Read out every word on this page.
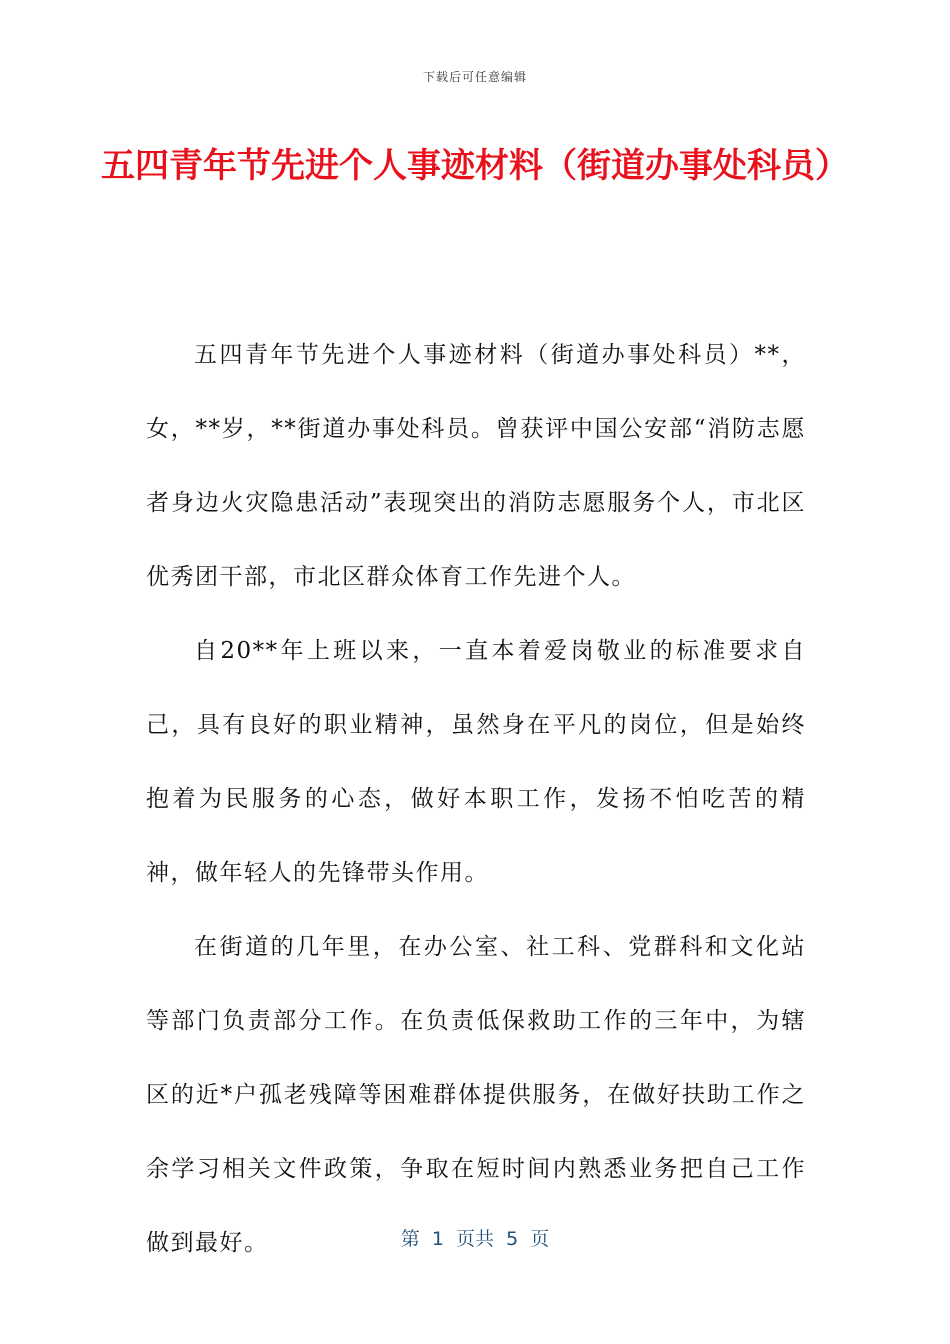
下载后可任意编辑
五四青年节先进个人事迹材料（街道办事处科员）

五四青年节先进个人事迹材料（街道办事处科员）**，女，**岁，**街道办事处科员。曾获评中国公安部“消防志愿者身边火灾隐患活动”表现突出的消防志愿服务个人，市北区优秀团干部，市北区群众体育工作先进个人。

自20**年上班以来，一直本着爱岗敬业的标准要求自己，具有良好的职业精神，虽然身在平凡的岗位，但是始终抱着为民服务的心态，做好本职工作，发扬不怕吃苦的精神，做年轻人的先锋带头作用。

在街道的几年里，在办公室、社工科、党群科和文化站等部门负责部分工作。在负责低保救助工作的三年中，为辖区的近*户孤老残障等困难群体提供服务，在做好扶助工作之余学习相关文件政策，争取在短时间内熟悉业务把自己工作做到最好。	第  1  页共  5  页
